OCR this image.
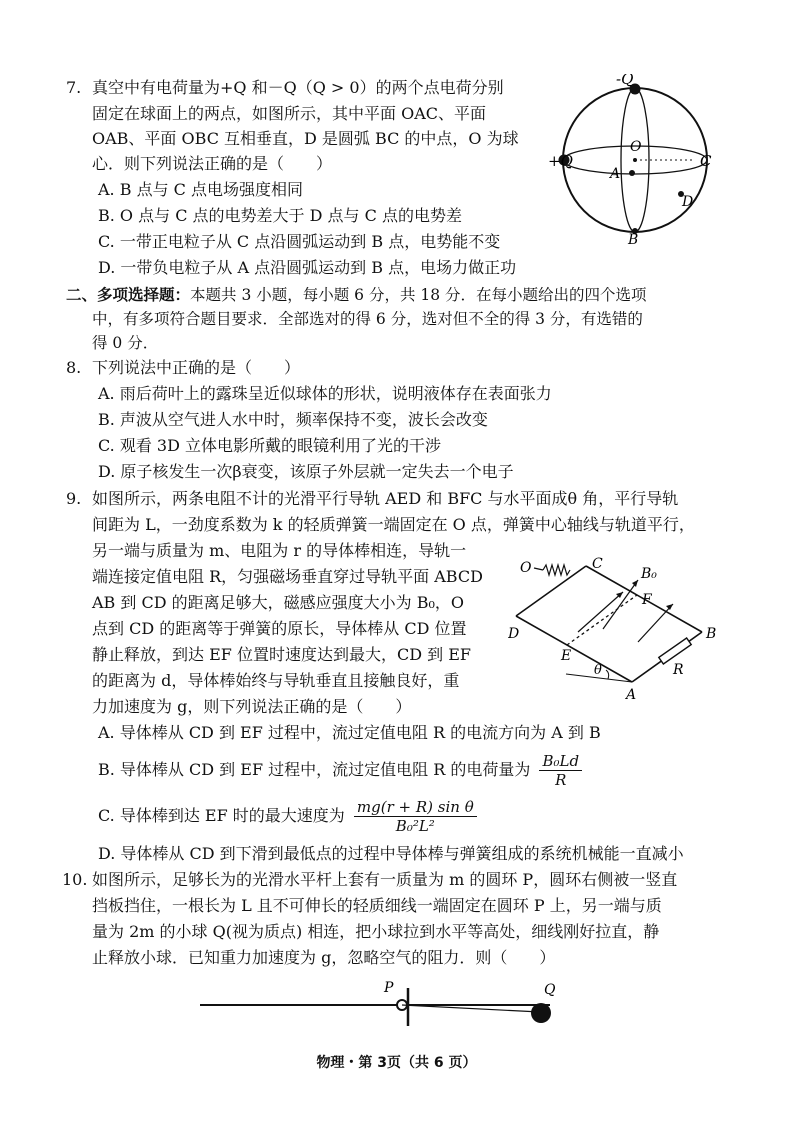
7. 真空中有电荷量为+Q 和－Q（Q > 0）的两个点电荷分别
固定在球面上的两点，如图所示，其中平面 OAC、平面
OAB、平面 OBC 互相垂直，D 是圆弧 BC 的中点，O 为球
心．则下列说法正确的是（　　）
A. B 点与 C 点电场强度相同
B. O 点与 C 点的电势差大于 D 点与 C 点的电势差
C. 一带正电粒子从 C 点沿圆弧运动到 B 点，电势能不变
D. 一带负电粒子从 A 点沿圆弧运动到 B 点，电场力做正功
-Q
+Q
O
A
C
D
B
二、多项选择题：本题共 3 小题，每小题 6 分，共 18 分．在每小题给出的四个选项
中，有多项符合题目要求．全部选对的得 6 分，选对但不全的得 3 分，有选错的
得 0 分．
8. 下列说法中正确的是（　　）
A. 雨后荷叶上的露珠呈近似球体的形状，说明液体存在表面张力
B. 声波从空气进人水中时，频率保持不变，波长会改变
C. 观看 3D 立体电影所戴的眼镜利用了光的干涉
D. 原子核发生一次β衰变，该原子外层就一定失去一个电子
9. 如图所示，两条电阻不计的光滑平行导轨 AED 和 BFC 与水平面成θ 角，平行导轨
间距为 L，一劲度系数为 k 的轻质弹簧一端固定在 O 点，弹簧中心轴线与轨道平行，
另一端与质量为 m、电阻为 r 的导体棒相连，导轨一
端连接定值电阻 R，匀强磁场垂直穿过导轨平面 ABCD
AB 到 CD 的距离足够大，磁感应强度大小为 B₀，O
点到 CD 的距离等于弹簧的原长，导体棒从 CD 位置
静止释放，到达 EF 位置时速度达到最大，CD 到 EF
的距离为 d，导体棒始终与导轨垂直且接触良好，重
力加速度为 g，则下列说法正确的是（　　）
O	C
B₀
F
D	B
E
θ	R
A
A. 导体棒从 CD 到 EF 过程中，流过定值电阻 R 的电流方向为 A 到 B
B. 导体棒从 CD 到 EF 过程中，流过定值电阻 R 的电荷量为 $\frac{\text{B₀Ld}}{R}$
C. 导体棒到达 EF 时的最大速度为 $\frac{\text{mg(r + R) sin θ}}{\text{B₀²L²}}$
D. 导体棒从 CD 到下滑到最低点的过程中导体棒与弹簧组成的系统机械能一直减小
10. 如图所示，足够长为的光滑水平杆上套有一质量为 m 的圆环 P，圆环右侧被一竖直
挡板挡住，一根长为 L 且不可伸长的轻质细线一端固定在圆环 P 上，另一端与质
量为 2m 的小球 Q(视为质点) 相连，把小球拉到水平等高处，细线刚好拉直，静
止释放小球．已知重力加速度为 g，忽略空气的阻力．则（　　）
P	Q
物理・第 3页（共 6 页）
